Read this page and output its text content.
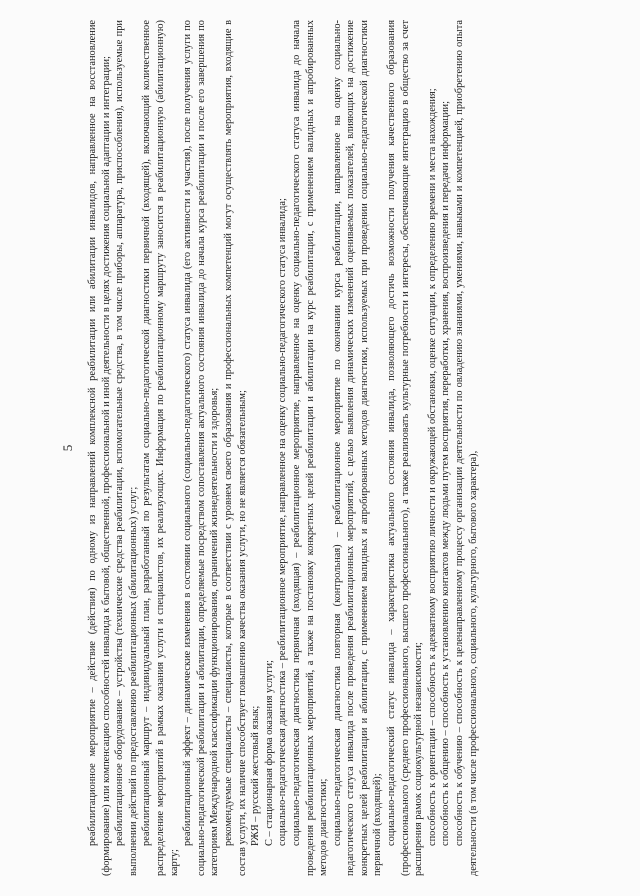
5

реабилитационное мероприятие – действие (действия) по одному из направлений комплексной реабилитации или абилитации инвалидов, направленное на восстановление (формирование) или компенсацию способностей инвалида к бытовой, общественной, профессиональной и иной деятельности в целях достижения социальной адаптации и интеграции; реабилитационное оборудование – устройства (технические средства реабилитации, вспомогательные средства, в том числе приборы, аппаратура, приспособления), используемые при выполнении действий по предоставлению реабилитационных (абилитационных) услуг; реабилитационный маршрут – индивидуальный план, разработанный по результатам социально-педагогической диагностики первичной (входящей), включающий количественное распределение мероприятий в рамках оказания услуги и специалистов, их реализующих. Информация по реабилитационному маршруту заносится в реабилитационную (абилитационную) карту;

реабилитационный эффект – динамические изменения в состоянии социального (социально-педагогического) статуса инвалида (его активности и участия), после получения услуги по социально-педагогической реабилитации и абилитации, определяемые посредством сопоставления актуального состояния инвалида до начала курса реабилитации и после его завершения по категориям Международной классификации функционирования, ограничений жизнедеятельности и здоровья; рекомендуемые специалисты – специалисты, которые в соответствии с уровнем своего образования и профессиональных компетенций могут осуществлять мероприятия, входящие в состав услуги, их наличие способствует повышению качества оказания услуги, но не является обязательным; РЖЯ – русский жестовый язык;

С – стационарная форма оказания услуги; социально-педагогическая диагностика – реабилитационное мероприятие, направленное на оценку социально-педагогического статуса инвалида;

социально-педагогическая диагностика первичная (входящая) – реабилитационное мероприятие, направленное на оценку социально-педагогического статуса инвалида до начала проведения реабилитационных мероприятий, а также на постановку конкретных целей реабилитации и абилитации на курс реабилитации, с применением валидных и апробированных методов диагностики; социально-педагогическая диагностика повторная (контрольная) – реабилитационное мероприятие по окончании курса реабилитации, направленное на оценку социально-педагогического статуса инвалида после проведения реабилитационных мероприятий, с целью выявления динамических изменений оцениваемых показателей, влияющих на достижение конкретных целей реабилитации и абилитации, с применением валидных и апробированных методов диагностики, используемых при проведении социально-педагогической диагностики первичной (входящей); социально-педагогический статус инвалида – характеристика актуального состояния инвалида, позволяющего достичь возможности получения качественного образования (профессионального (среднего профессионального, высшего профессионального), а также реализовать культурные потребности и интересы, обеспечивающие интеграцию в общество за счет расширения рамок социокультурной независимости; способность к ориентации – способность к адекватному восприятию личности и окружающей обстановки, оценке ситуации, к определению времени и места нахождения;

способность к общению – способность к установлению контактов между людьми путем восприятия, переработки, хранения, воспроизведения и передачи информации;

способность к обучению – способность к целенаправленному процессу организации деятельности по овладению знаниями, умениями, навыками и компетенцией, приобретению опыта деятельности (в том числе профессионального, социального, культурного, бытового характера),
